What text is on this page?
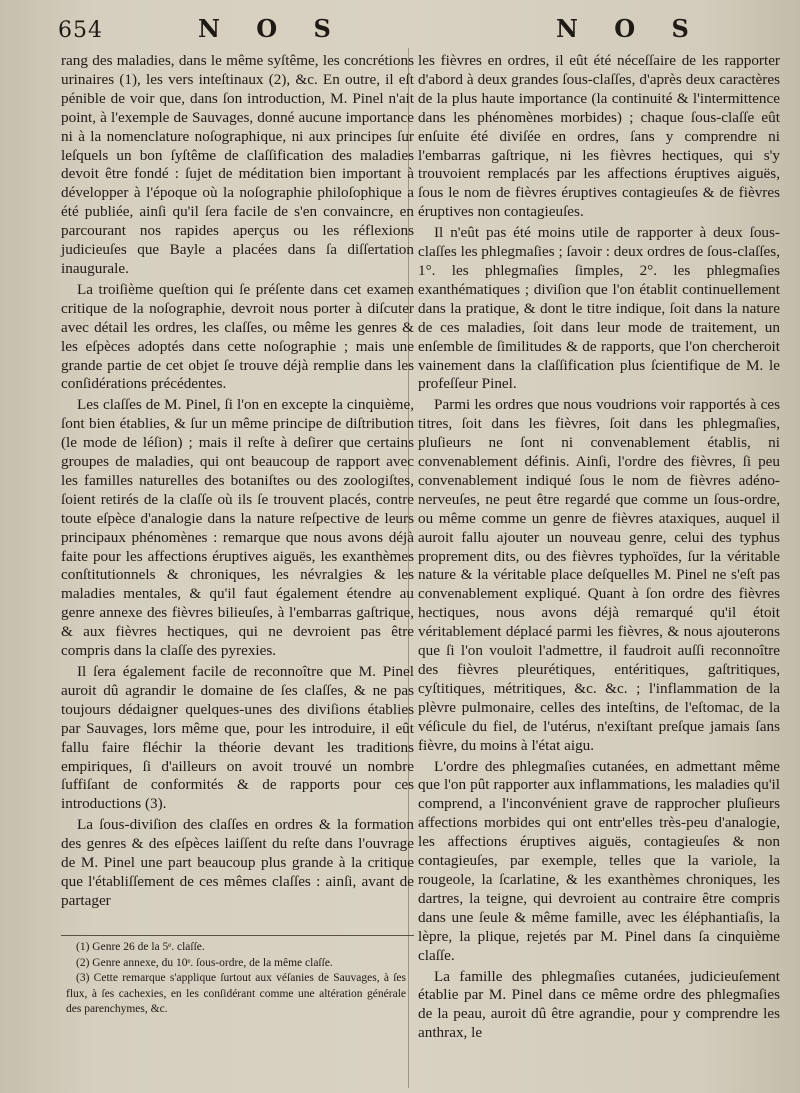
654	N O S	N O S

rang des maladies, dans le même syſtême, les concrétions urinaires (1), les vers inteſtinaux (2), &c. En outre, il eſt pénible de voir que, dans ſon introduction, M. Pinel n'ait point, à l'exemple de Sauvages, donné aucune importance ni à la nomenclature noſographique, ni aux principes ſur leſquels un bon ſyſtême de claſſification des maladies devoit être fondé : ſujet de méditation bien important à développer à l'époque où la noſographie philoſophique a été publiée, ainſi qu'il ſera facile de s'en convaincre, en parcourant nos rapides aperçus ou les réflexions judicieuſes que Bayle a placées dans ſa diſſertation inaugurale.

La troiſième queſtion qui ſe préſente dans cet examen critique de la noſographie, devroit nous porter à diſcuter avec détail les ordres, les claſſes, ou même les genres & les eſpèces adoptés dans cette noſographie ; mais une grande partie de cet objet ſe trouve déjà remplie dans les conſidérations précédentes.

Les claſſes de M. Pinel, ſi l'on en excepte la cinquième, ſont bien établies, & ſur un même principe de diſtribution (le mode de léſion) ; mais il reſte à deſirer que certains groupes de maladies, qui ont beaucoup de rapport avec les familles naturelles des botaniſtes ou des zoologiſtes, ſoient retirés de la claſſe où ils ſe trouvent placés, contre toute eſpèce d'analogie dans la nature reſpective de leurs principaux phénomènes : remarque que nous avons déjà faite pour les affections éruptives aiguës, les exanthèmes conſtitutionnels & chroniques, les névralgies & les maladies mentales, & qu'il faut également étendre au genre annexe des fièvres bilieuſes, à l'embarras gaſtrique, & aux fièvres hectiques, qui ne devroient pas être compris dans la claſſe des pyrexies.

Il ſera également facile de reconnoître que M. Pinel auroit dû agrandir le domaine de ſes claſſes, & ne pas toujours dédaigner quelques-unes des diviſions établies par Sauvages, lors même que, pour les introduire, il eût fallu faire fléchir la théorie devant les traditions empiriques, ſi d'ailleurs on avoit trouvé un nombre ſuffiſant de conformités & de rapports pour ces introductions (3).

La ſous-diviſion des claſſes en ordres & la formation des genres & des eſpèces laiſſent du reſte dans l'ouvrage de M. Pinel une part beaucoup plus grande à la critique que l'établiſſement de ces mêmes claſſes : ainſi, avant de partager

les fièvres en ordres, il eût été néceſſaire de les rapporter d'abord à deux grandes ſous-claſſes, d'après deux caractères de la plus haute importance (la continuité & l'intermittence dans les phénomènes morbides) ; chaque ſous-claſſe eût enſuite été diviſée en ordres, ſans y comprendre ni l'embarras gaſtrique, ni les fièvres hectiques, qui s'y trouvoient remplacés par les affections éruptives aiguës, ſous le nom de fièvres éruptives contagieuſes & de fièvres éruptives non contagieuſes.

Il n'eût pas été moins utile de rapporter à deux ſous-claſſes les phlegmaſies ; ſavoir : deux ordres de ſous-claſſes, 1°. les phlegmaſies ſimples, 2°. les phlegmaſies exanthématiques ; diviſion que l'on établit continuellement dans la pratique, & dont le titre indique, ſoit dans la nature de ces maladies, ſoit dans leur mode de traitement, un enſemble de ſimilitudes & de rapports, que l'on chercheroit vainement dans la claſſification plus ſcientifique de M. le profeſſeur Pinel.

Parmi les ordres que nous voudrions voir rapportés à ces titres, ſoit dans les fièvres, ſoit dans les phlegmaſies, pluſieurs ne ſont ni convenablement établis, ni convenablement définis. Ainſi, l'ordre des fièvres, ſi peu convenablement indiqué ſous le nom de fièvres adéno-nerveuſes, ne peut être regardé que comme un ſous-ordre, ou même comme un genre de fièvres ataxiques, auquel il auroit fallu ajouter un nouveau genre, celui des typhus proprement dits, ou des fièvres typhoïdes, ſur la véritable nature & la véritable place deſquelles M. Pinel ne s'eſt pas convenablement expliqué. Quant à ſon ordre des fièvres hectiques, nous avons déjà remarqué qu'il étoit véritablement déplacé parmi les fièvres, & nous ajouterons que ſi l'on vouloit l'admettre, il faudroit auſſi reconnoître des fièvres pleurétiques, entéritiques, gaſtritiques, cyſtitiques, métritiques, &c. &c. ; l'inflammation de la plèvre pulmonaire, celles des inteſtins, de l'eſtomac, de la véſicule du fiel, de l'utérus, n'exiſtant preſque jamais ſans fièvre, du moins à l'état aigu.

L'ordre des phlegmaſies cutanées, en admettant même que l'on pût rapporter aux inflammations, les maladies qu'il comprend, a l'inconvénient grave de rapprocher pluſieurs affections morbides qui ont entr'elles très-peu d'analogie, les affections éruptives aiguës, contagieuſes & non contagieuſes, par exemple, telles que la variole, la rougeole, la ſcarlatine, & les exanthèmes chroniques, les dartres, la teigne, qui devroient au contraire être compris dans une ſeule & même famille, avec les éléphantiaſis, la lèpre, la plique, rejetés par M. Pinel dans ſa cinquième claſſe.

La famille des phlegmaſies cutanées, judicieuſement établie par M. Pinel dans ce même ordre des phlegmaſies de la peau, auroit dû être agrandie, pour y comprendre les anthrax, le

(1) Genre 26 de la 5ᵉ. claſſe.

(2) Genre annexe, du 10ᵉ. ſous-ordre, de la même claſſe.

(3) Cette remarque s'applique ſurtout aux véſanies de Sauvages, à ſes flux, à ſes cachexies, en les conſidérant comme une altération générale des parenchymes, &c.
